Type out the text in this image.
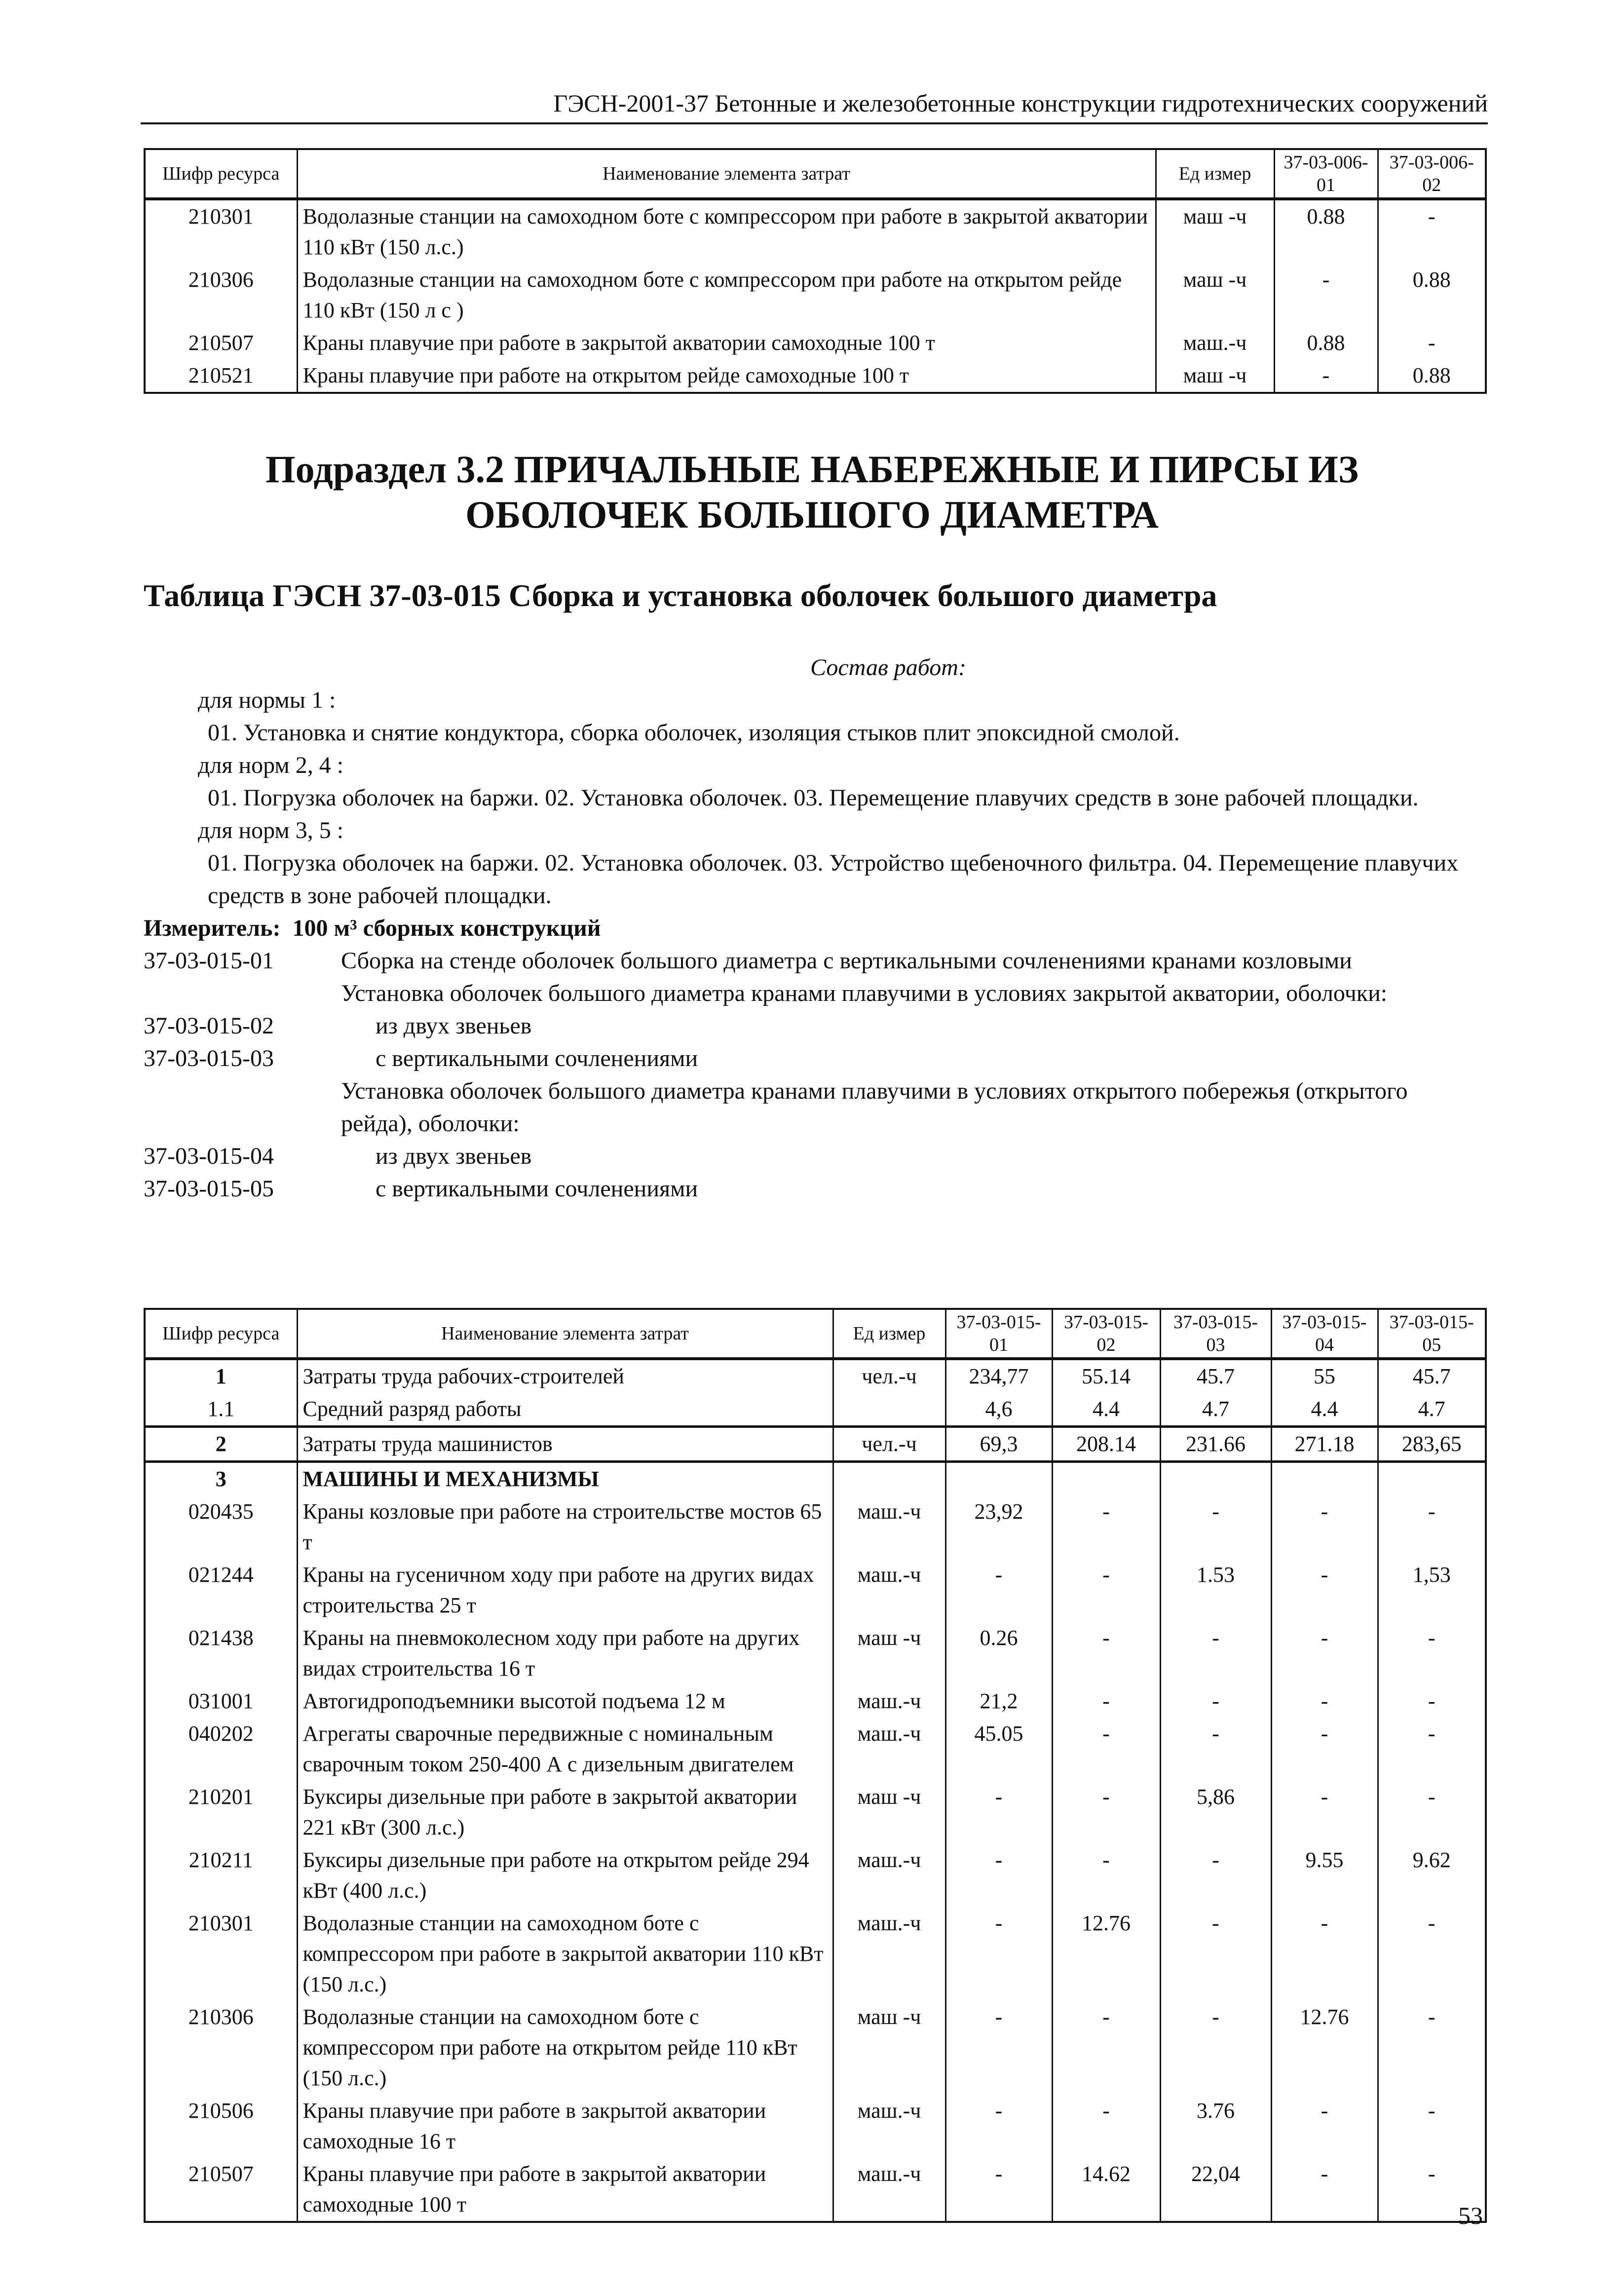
ГЭСН-2001-37 Бетонные и железобетонные конструкции гидротехнических сооружений
Шифр ресурса	Наименование элемента затрат	Ед измер	37-03-006-01	37-03-006-02
210301	Водолазные станции на самоходном боте с компрессором при работе в закрытой акватории 110 кВт (150 л.с.)	маш -ч	0.88	-
210306	Водолазные станции на самоходном боте с компрессором при работе на открытом рейде 110 кВт (150 л с )	маш -ч	-	0.88
210507	Краны плавучие при работе в закрытой акватории самоходные 100 т	маш.-ч	0.88	-
210521	Краны плавучие при работе на открытом рейде самоходные 100 т	маш -ч	-	0.88
Подраздел 3.2 ПРИЧАЛЬНЫЕ НАБЕРЕЖНЫЕ И ПИРСЫ ИЗ
ОБОЛОЧЕК БОЛЬШОГО ДИАМЕТРА
Таблица ГЭСН 37-03-015 Сборка и установка оболочек большого диаметра
Состав работ:
для нормы 1 :
01. Установка и снятие кондуктора, сборка оболочек, изоляция стыков плит эпоксидной смолой.
для норм 2, 4 :
01. Погрузка оболочек на баржи. 02. Установка оболочек. 03. Перемещение плавучих средств в зоне рабочей площадки.
для норм 3, 5 :
01. Погрузка оболочек на баржи. 02. Установка оболочек. 03. Устройство щебеночного фильтра. 04. Перемещение плавучих средств в зоне рабочей площадки.
Измеритель: 100 м³ сборных конструкций
37-03-015-01	Сборка на стенде оболочек большого диаметра с вертикальными сочленениями кранами козловыми
Установка оболочек большого диаметра кранами плавучими в условиях закрытой акватории, оболочки:
37-03-015-02	из двух звеньев
37-03-015-03	с вертикальными сочленениями
Установка оболочек большого диаметра кранами плавучими в условиях открытого побережья (открытого рейда), оболочки:
37-03-015-04	из двух звеньев
37-03-015-05	с вертикальными сочленениями
Шифр ресурса	Наименование элемента затрат	Ед измер	37-03-015-01	37-03-015-02	37-03-015-03	37-03-015-04	37-03-015-05
1	Затраты труда рабочих-строителей	чел.-ч	234,77	55.14	45.7	55	45.7
1.1	Средний разряд работы		4,6	4.4	4.7	4.4	4.7
2	Затраты труда машинистов	чел.-ч	69,3	208.14	231.66	271.18	283,65
3	МАШИНЫ И МЕХАНИЗМЫ						
020435	Краны козловые при работе на строительстве мостов 65 т	маш.-ч	23,92	-	-	-	-
021244	Краны на гусеничном ходу при работе на других видах строительства 25 т	маш.-ч	-	-	1.53	-	1,53
021438	Краны на пневмоколесном ходу при работе на других видах строительства 16 т	маш -ч	0.26	-	-	-	-
031001	Автогидроподъемники высотой подъема 12 м	маш.-ч	21,2	-	-	-	-
040202	Агрегаты сварочные передвижные с номинальным сварочным током 250-400 А с дизельным двигателем	маш.-ч	45.05	-	-	-	-
210201	Буксиры дизельные при работе в закрытой акватории 221 кВт (300 л.с.)	маш -ч	-	-	5,86	-	-
210211	Буксиры дизельные при работе на открытом рейде 294 кВт (400 л.с.)	маш.-ч	-	-	-	9.55	9.62
210301	Водолазные станции на самоходном боте с компрессором при работе в закрытой акватории 110 кВт (150 л.с.)	маш.-ч	-	12.76	-	-	-
210306	Водолазные станции на самоходном боте с компрессором при работе на открытом рейде 110 кВт (150 л.с.)	маш -ч	-	-	-	12.76	-
210506	Краны плавучие при работе в закрытой акватории самоходные 16 т	маш.-ч	-	-	3.76	-	-
210507	Краны плавучие при работе в закрытой акватории самоходные 100 т	маш.-ч	-	14.62	22,04	-	-
53
